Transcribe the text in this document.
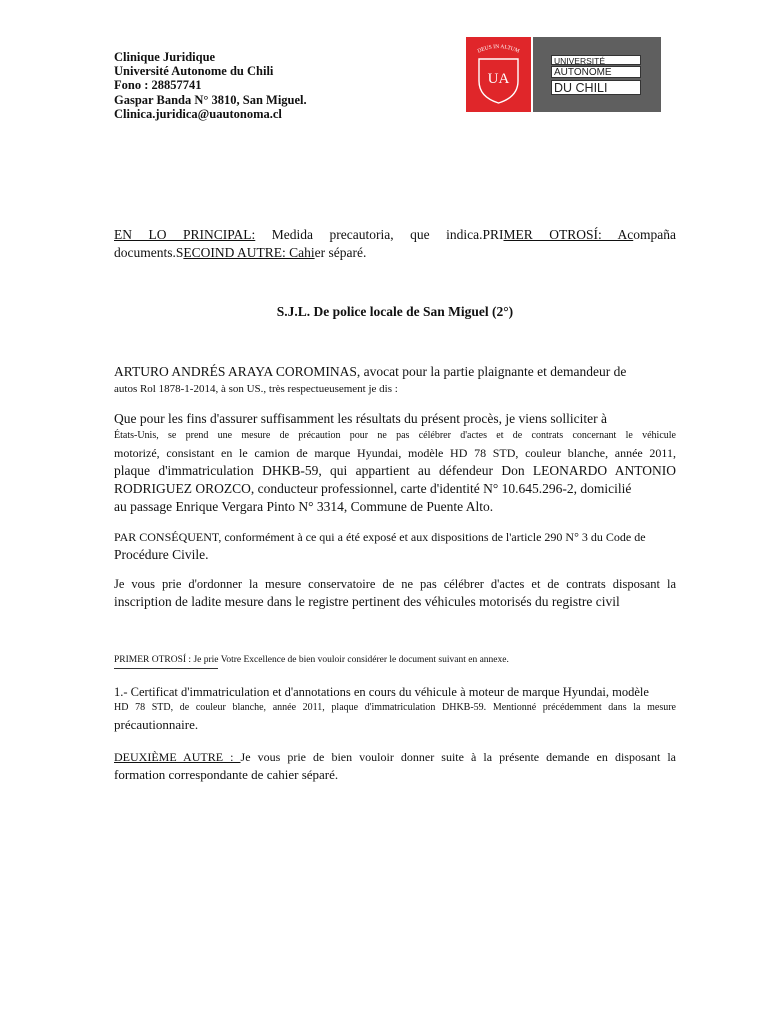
Clinique Juridique
Université Autonome du Chili
Fono : 28857741
Gaspar Banda N° 3810, San Miguel.
Clinica.juridica@uautonoma.cl
DEUS IN ALTUM
UA
UNIVERSITÉ
AUTONOME
DU CHILI
EN LO PRINCIPAL: Medida precautoria, que indica.PRIMER OTROSÍ: Acompaña
documents.SECOIND AUTRE: Cahier séparé.
S.J.L. De police locale de San Miguel (2°)
ARTURO ANDRÉS ARAYA COROMINAS, avocat pour la partie plaignante et demandeur de
autos Rol 1878-1-2014, à son US., très respectueusement je dis :
Que pour les fins d'assurer suffisamment les résultats du présent procès, je viens solliciter à
États-Unis, se prend une mesure de précaution pour ne pas célébrer d'actes et de contrats concernant le véhicule
motorizé, consistant en le camion de marque Hyundai, modèle HD 78 STD, couleur blanche, année 2011,
plaque d'immatriculation DHKB-59, qui appartient au défendeur Don LEONARDO ANTONIO
RODRIGUEZ OROZCO, conducteur professionnel, carte d'identité N° 10.645.296-2, domicilié
au passage Enrique Vergara Pinto N° 3314, Commune de Puente Alto.
PAR CONSÉQUENT, conformément à ce qui a été exposé et aux dispositions de l'article 290 N° 3 du Code de
Procédure Civile.
Je vous prie d'ordonner la mesure conservatoire de ne pas célébrer d'actes et de contrats disposant la
inscription de ladite mesure dans le registre pertinent des véhicules motorisés du registre civil
PRIMER OTROSÍ : Je prie Votre Excellence de bien vouloir considérer le document suivant en annexe.
1.- Certificat d'immatriculation et d'annotations en cours du véhicule à moteur de marque Hyundai, modèle
HD 78 STD, de couleur blanche, année 2011, plaque d'immatriculation DHKB-59. Mentionné précédemment dans la mesure
précautionnaire.
DEUXIÈME AUTRE : Je vous prie de bien vouloir donner suite à la présente demande en disposant la
formation correspondante de cahier séparé.
